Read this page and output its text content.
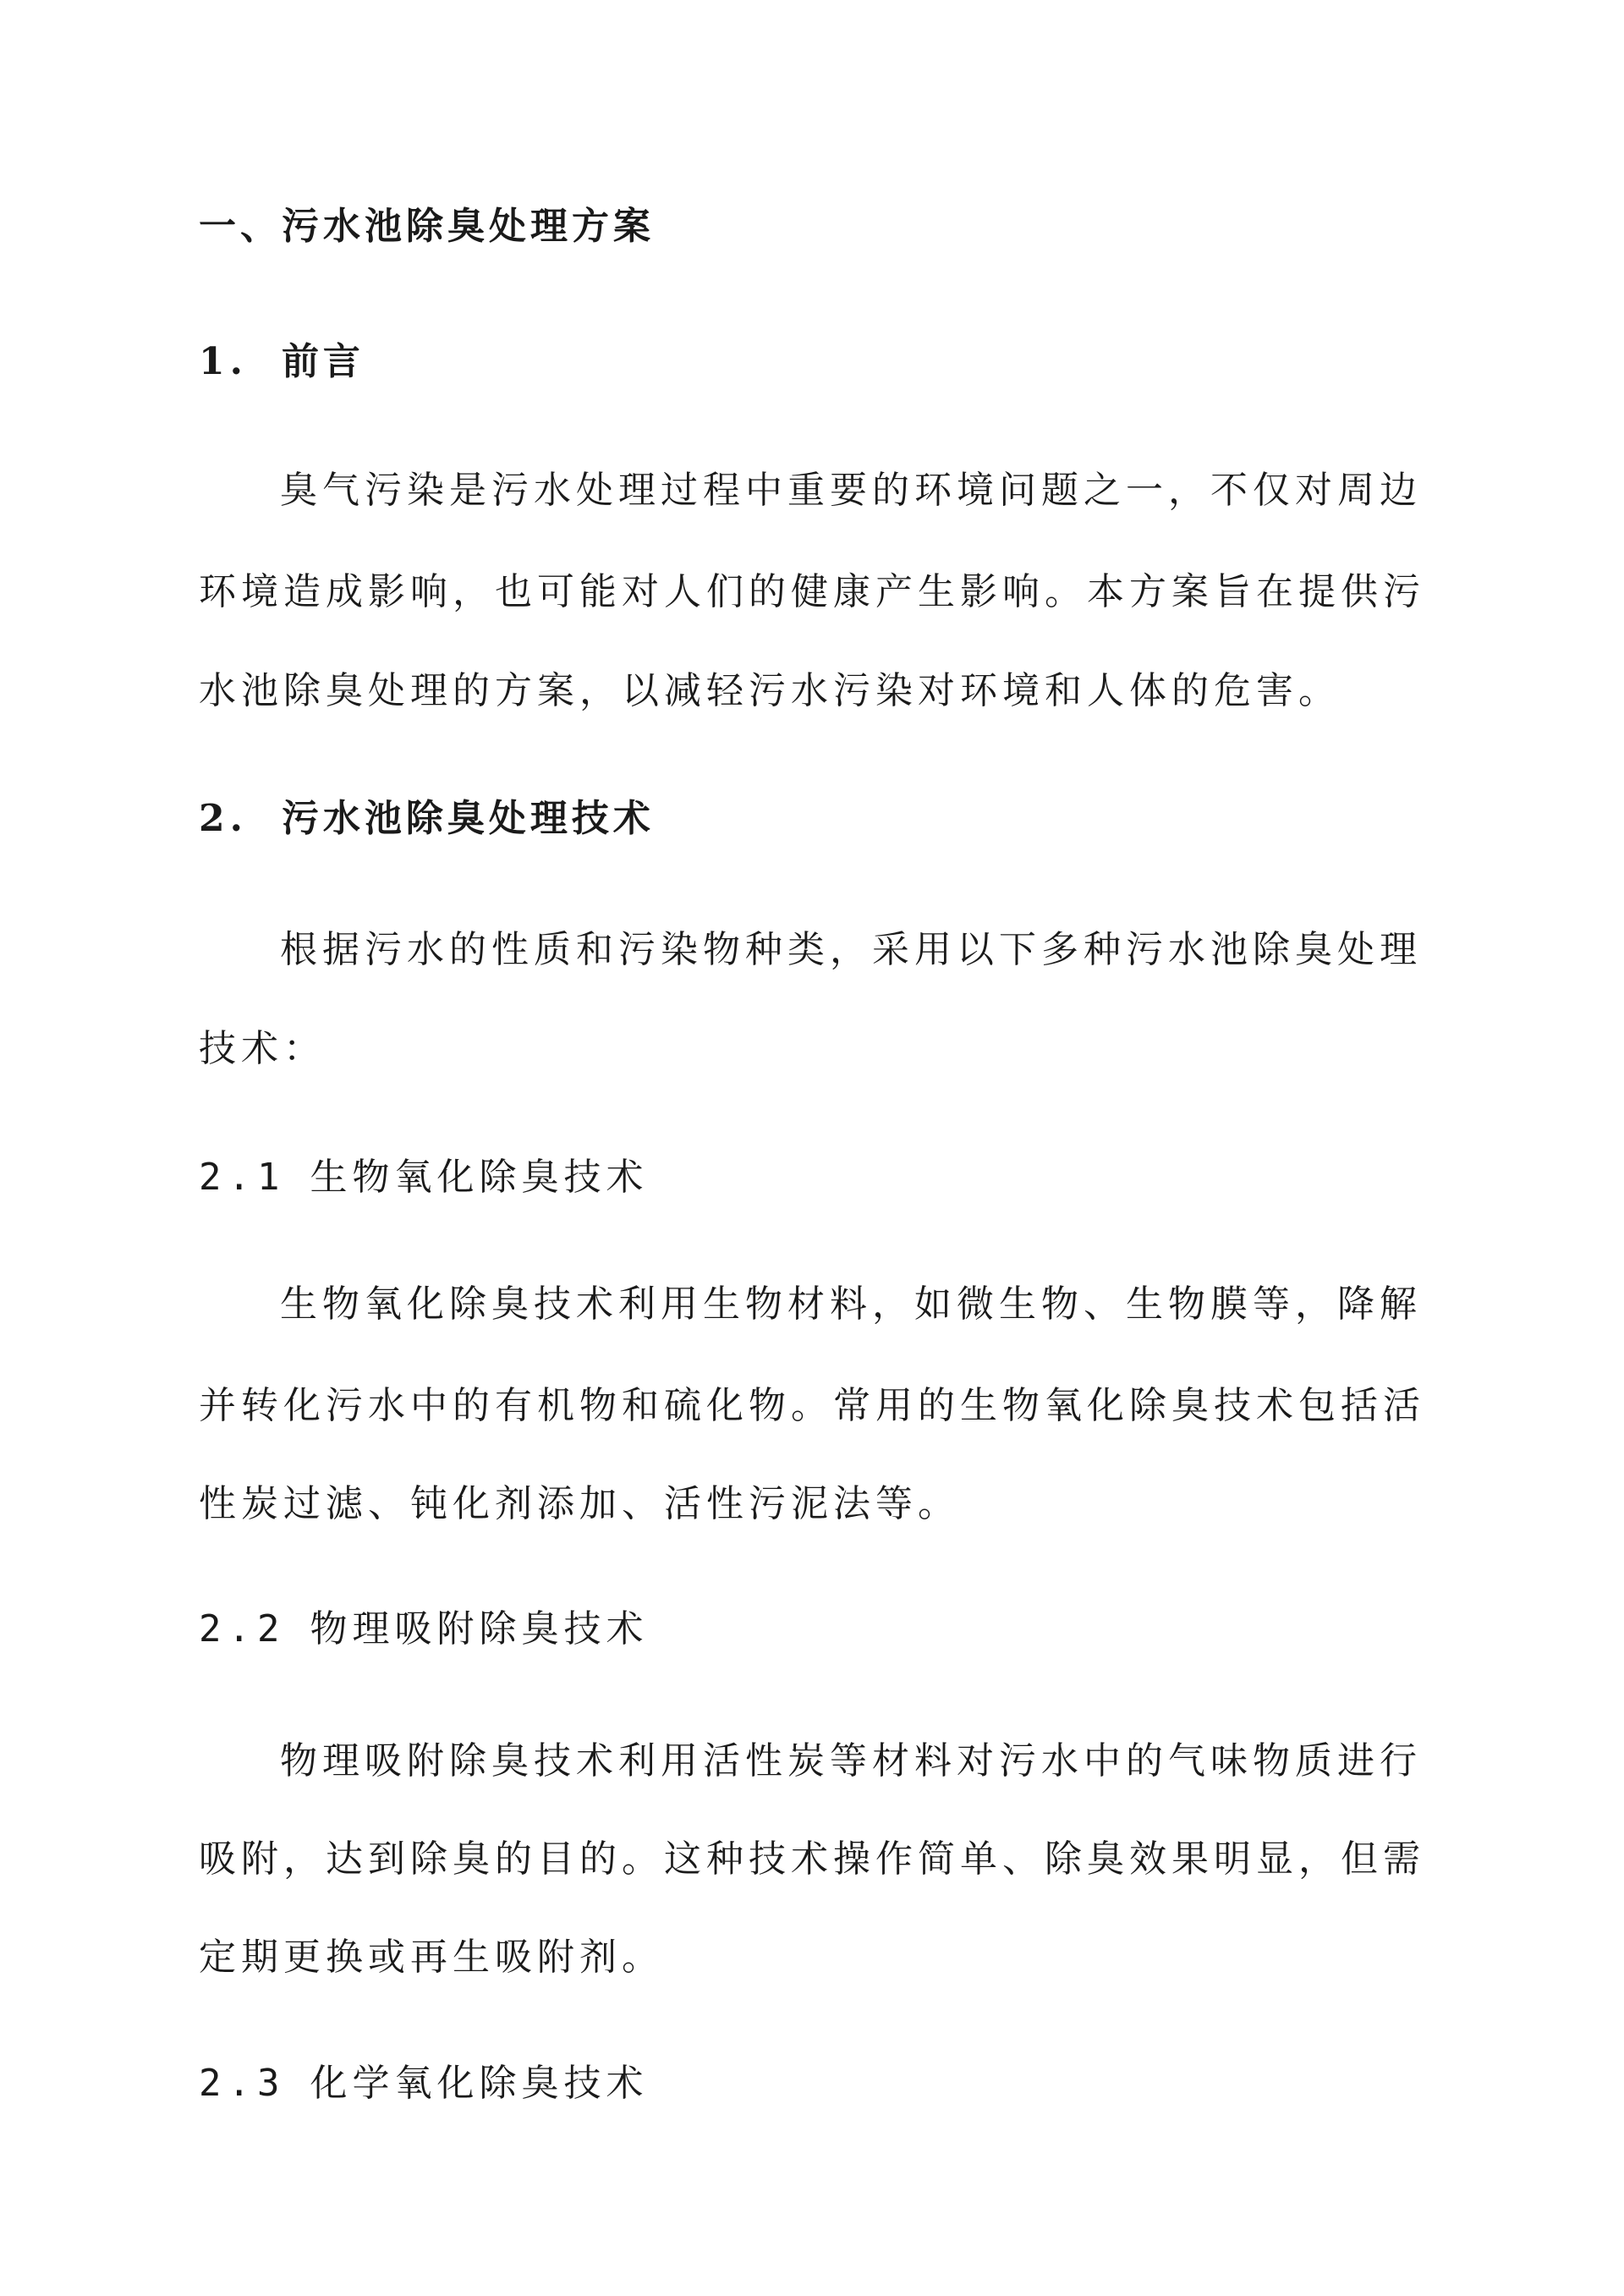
一、污水池除臭处理方案
1. 前言
臭气污染是污水处理过程中重要的环境问题之一，不仅对周边
环境造成影响，也可能对人们的健康产生影响。本方案旨在提供污
水池除臭处理的方案，以减轻污水污染对环境和人体的危害。
2. 污水池除臭处理技术
根据污水的性质和污染物种类，采用以下多种污水池除臭处理
技术：
2.1 生物氧化除臭技术
生物氧化除臭技术利用生物材料，如微生物、生物膜等，降解
并转化污水中的有机物和硫化物。常用的生物氧化除臭技术包括活
性炭过滤、钝化剂添加、活性污泥法等。
2.2 物理吸附除臭技术
物理吸附除臭技术利用活性炭等材料对污水中的气味物质进行
吸附，达到除臭的目的。这种技术操作简单、除臭效果明显，但需
定期更换或再生吸附剂。
2.3 化学氧化除臭技术
